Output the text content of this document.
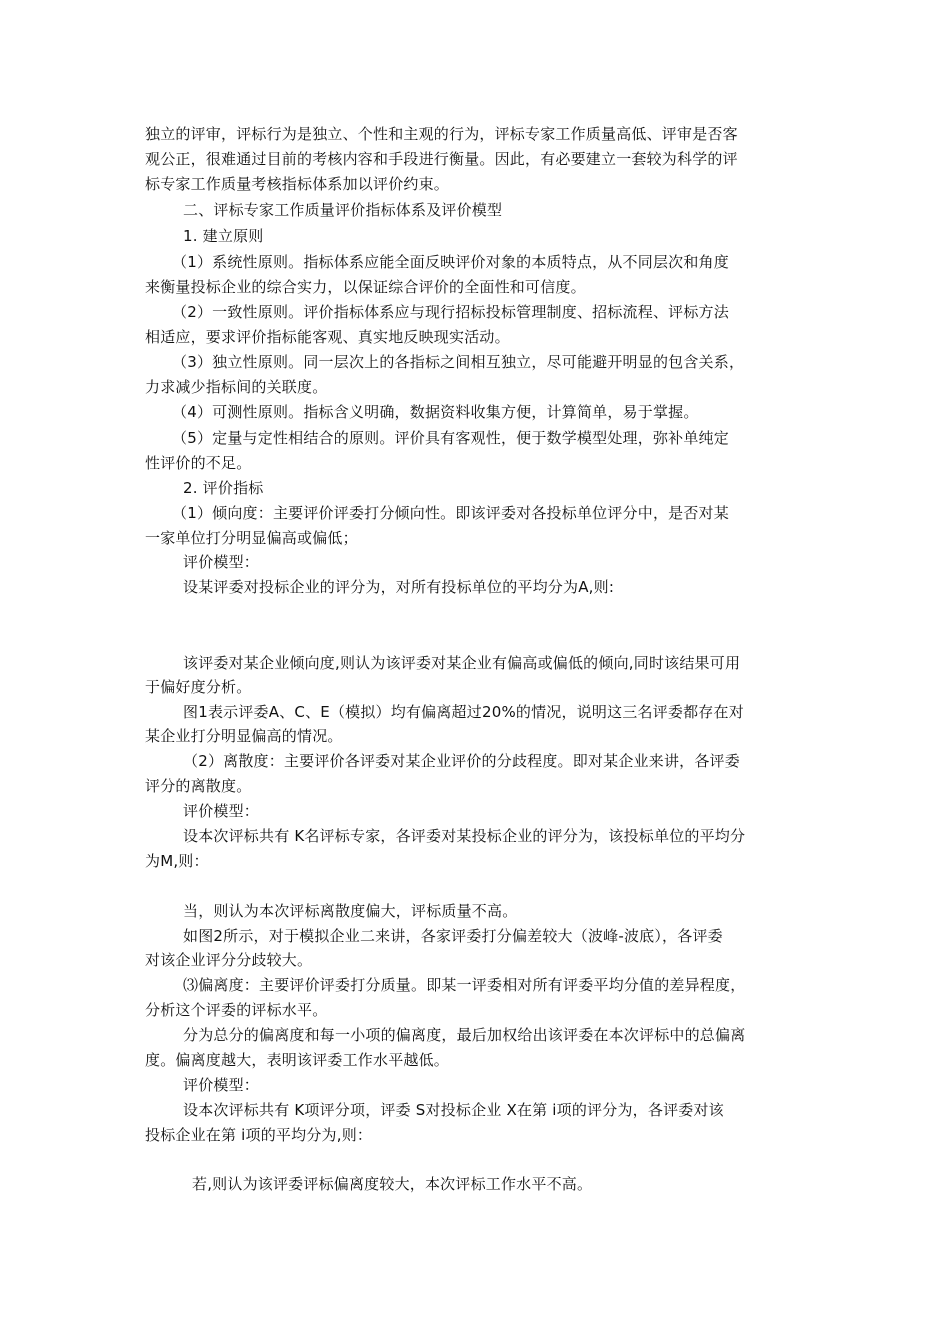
独立的评审，评标行为是独立、个性和主观的行为，评标专家工作质量高低、评审是否客
观公正，很难通过目前的考核内容和手段进行衡量。因此，有必要建立一套较为科学的评
标专家工作质量考核指标体系加以评价约束。
二、评标专家工作质量评价指标体系及评价模型
1. 建立原则
（1）系统性原则。指标体系应能全面反映评价对象的本质特点，从不同层次和角度
来衡量投标企业的综合实力，以保证综合评价的全面性和可信度。
（2）一致性原则。评价指标体系应与现行招标投标管理制度、招标流程、评标方法
相适应，要求评价指标能客观、真实地反映现实活动。
（3）独立性原则。同一层次上的各指标之间相互独立，尽可能避开明显的包含关系，
力求减少指标间的关联度。
（4）可测性原则。指标含义明确，数据资料收集方便，计算简单，易于掌握。
（5）定量与定性相结合的原则。评价具有客观性，便于数学模型处理，弥补单纯定
性评价的不足。
2. 评价指标
（1）倾向度：主要评价评委打分倾向性。即该评委对各投标单位评分中，是否对某
一家单位打分明显偏高或偏低；
评价模型：
设某评委对投标企业的评分为，对所有投标单位的平均分为A,则:
该评委对某企业倾向度,则认为该评委对某企业有偏高或偏低的倾向,同时该结果可用
于偏好度分析。
图1表示评委A、C、E（模拟）均有偏离超过20%的情况，说明这三名评委都存在对
某企业打分明显偏高的情况。
（2）离散度：主要评价各评委对某企业评价的分歧程度。即对某企业来讲，各评委
评分的离散度。
评价模型：
设本次评标共有 K名评标专家，各评委对某投标企业的评分为，该投标单位的平均分
为M,则：
当，则认为本次评标离散度偏大，评标质量不高。
如图2所示，对于模拟企业二来讲，各家评委打分偏差较大（波峰-波底），各评委
对该企业评分分歧较大。
⑶偏离度：主要评价评委打分质量。即某一评委相对所有评委平均分值的差异程度，
分析这个评委的评标水平。
分为总分的偏离度和每一小项的偏离度，最后加权给出该评委在本次评标中的总偏离
度。偏离度越大，表明该评委工作水平越低。
评价模型：
设本次评标共有 K项评分项，评委 S对投标企业 X在第 i项的评分为，各评委对该
投标企业在第 i项的平均分为,则：
若,则认为该评委评标偏离度较大，本次评标工作水平不高。
